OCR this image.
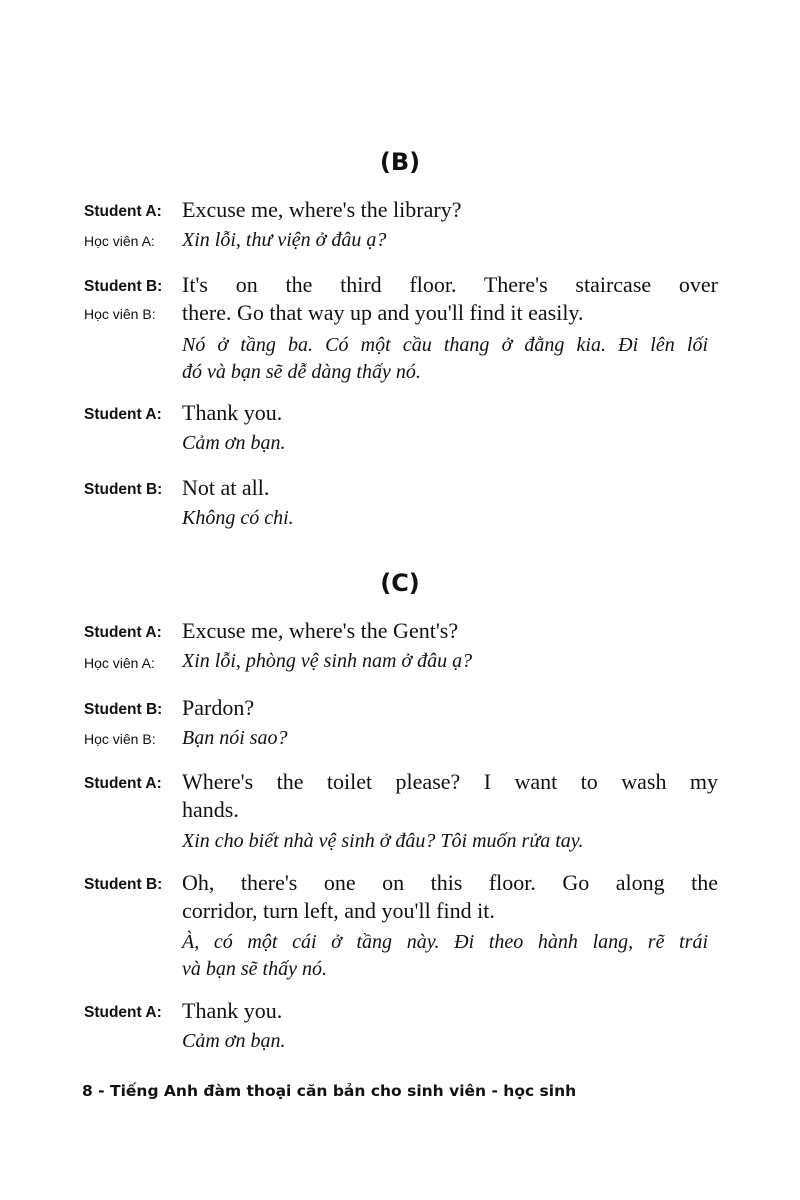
(B)
Student A: Excuse me, where's the library?
Học viên A: Xin lỗi, thư viện ở đâu ạ?
Student B: It's on the third floor. There's staircase over
Học viên B: there. Go that way up and you'll find it easily.
Nó ở tầng ba. Có một cầu thang ở đằng kia. Đi lên lối
đó và bạn sẽ dễ dàng thấy nó.
Student A: Thank you.
Cảm ơn bạn.
Student B: Not at all.
Không có chi.
(C)
Student A: Excuse me, where's the Gent's?
Học viên A: Xin lỗi, phòng vệ sinh nam ở đâu ạ?
Student B: Pardon?
Học viên B: Bạn nói sao?
Student A: Where's the toilet please? I want to wash my
hands.
Xin cho biết nhà vệ sinh ở đâu? Tôi muốn rửa tay.
Student B: Oh, there's one on this floor. Go along the
corridor, turn left, and you'll find it.
À, có một cái ở tầng này. Đi theo hành lang, rẽ trái
và bạn sẽ thấy nó.
Student A: Thank you.
Cảm ơn bạn.
8 - Tiếng Anh đàm thoại căn bản cho sinh viên - học sinh
